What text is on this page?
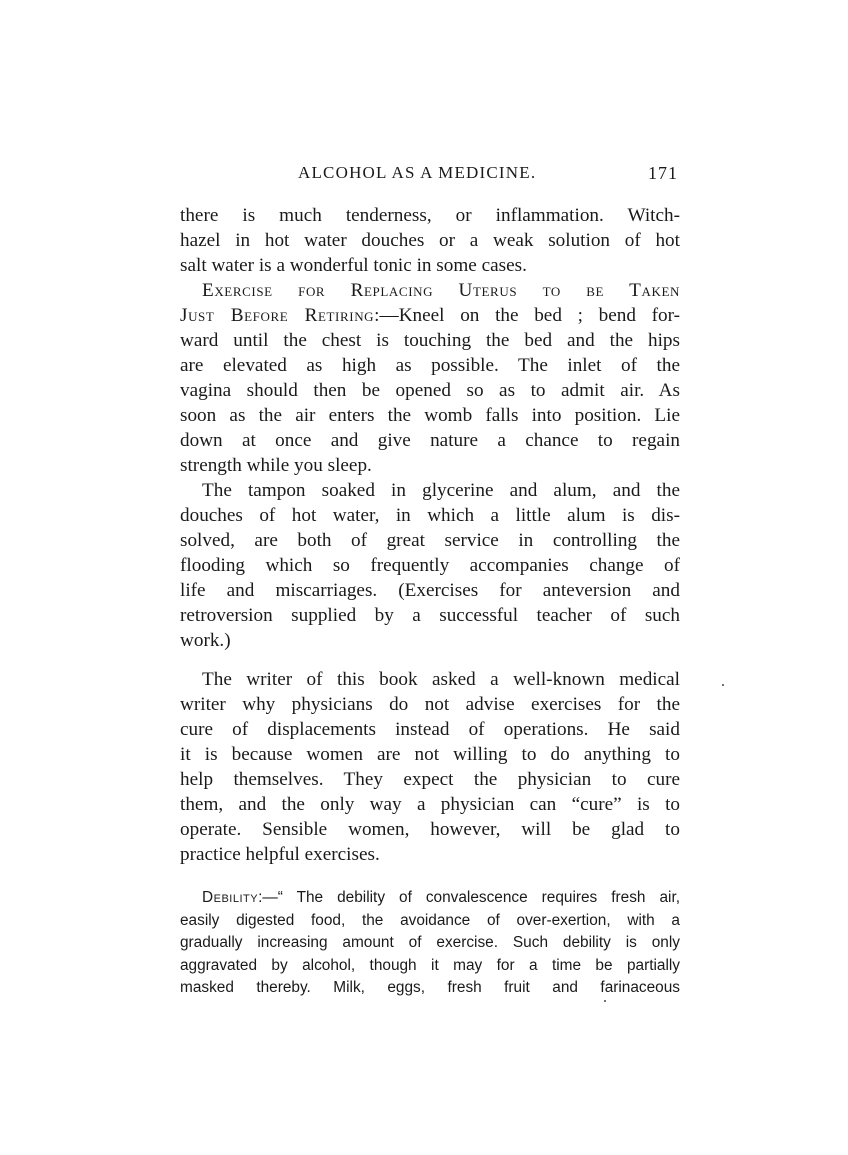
ALCOHOL AS A MEDICINE.	171
there is much tenderness, or inflammation. Witch-
hazel in hot water douches or a weak solution of hot
salt water is a wonderful tonic in some cases.
Exercise for Replacing Uterus to be Taken
Just Before Retiring:—Kneel on the bed ; bend for-
ward until the chest is touching the bed and the hips
are elevated as high as possible. The inlet of the
vagina should then be opened so as to admit air. As
soon as the air enters the womb falls into position. Lie
down at once and give nature a chance to regain
strength while you sleep.
The tampon soaked in glycerine and alum, and the
douches of hot water, in which a little alum is dis-
solved, are both of great service in controlling the
flooding which so frequently accompanies change of
life and miscarriages. (Exercises for anteversion and
retroversion supplied by a successful teacher of such
work.)
The writer of this book asked a well-known medical
writer why physicians do not advise exercises for the
cure of displacements instead of operations. He said
it is because women are not willing to do anything to
help themselves. They expect the physician to cure
them, and the only way a physician can “cure” is to
operate. Sensible women, however, will be glad to
practice helpful exercises.
Debility:—“ The debility of convalescence requires fresh air,
easily digested food, the avoidance of over-exertion, with a
gradually increasing amount of exercise. Such debility is only
aggravated by alcohol, though it may for a time be partially
masked thereby. Milk, eggs, fresh fruit and farinaceous
